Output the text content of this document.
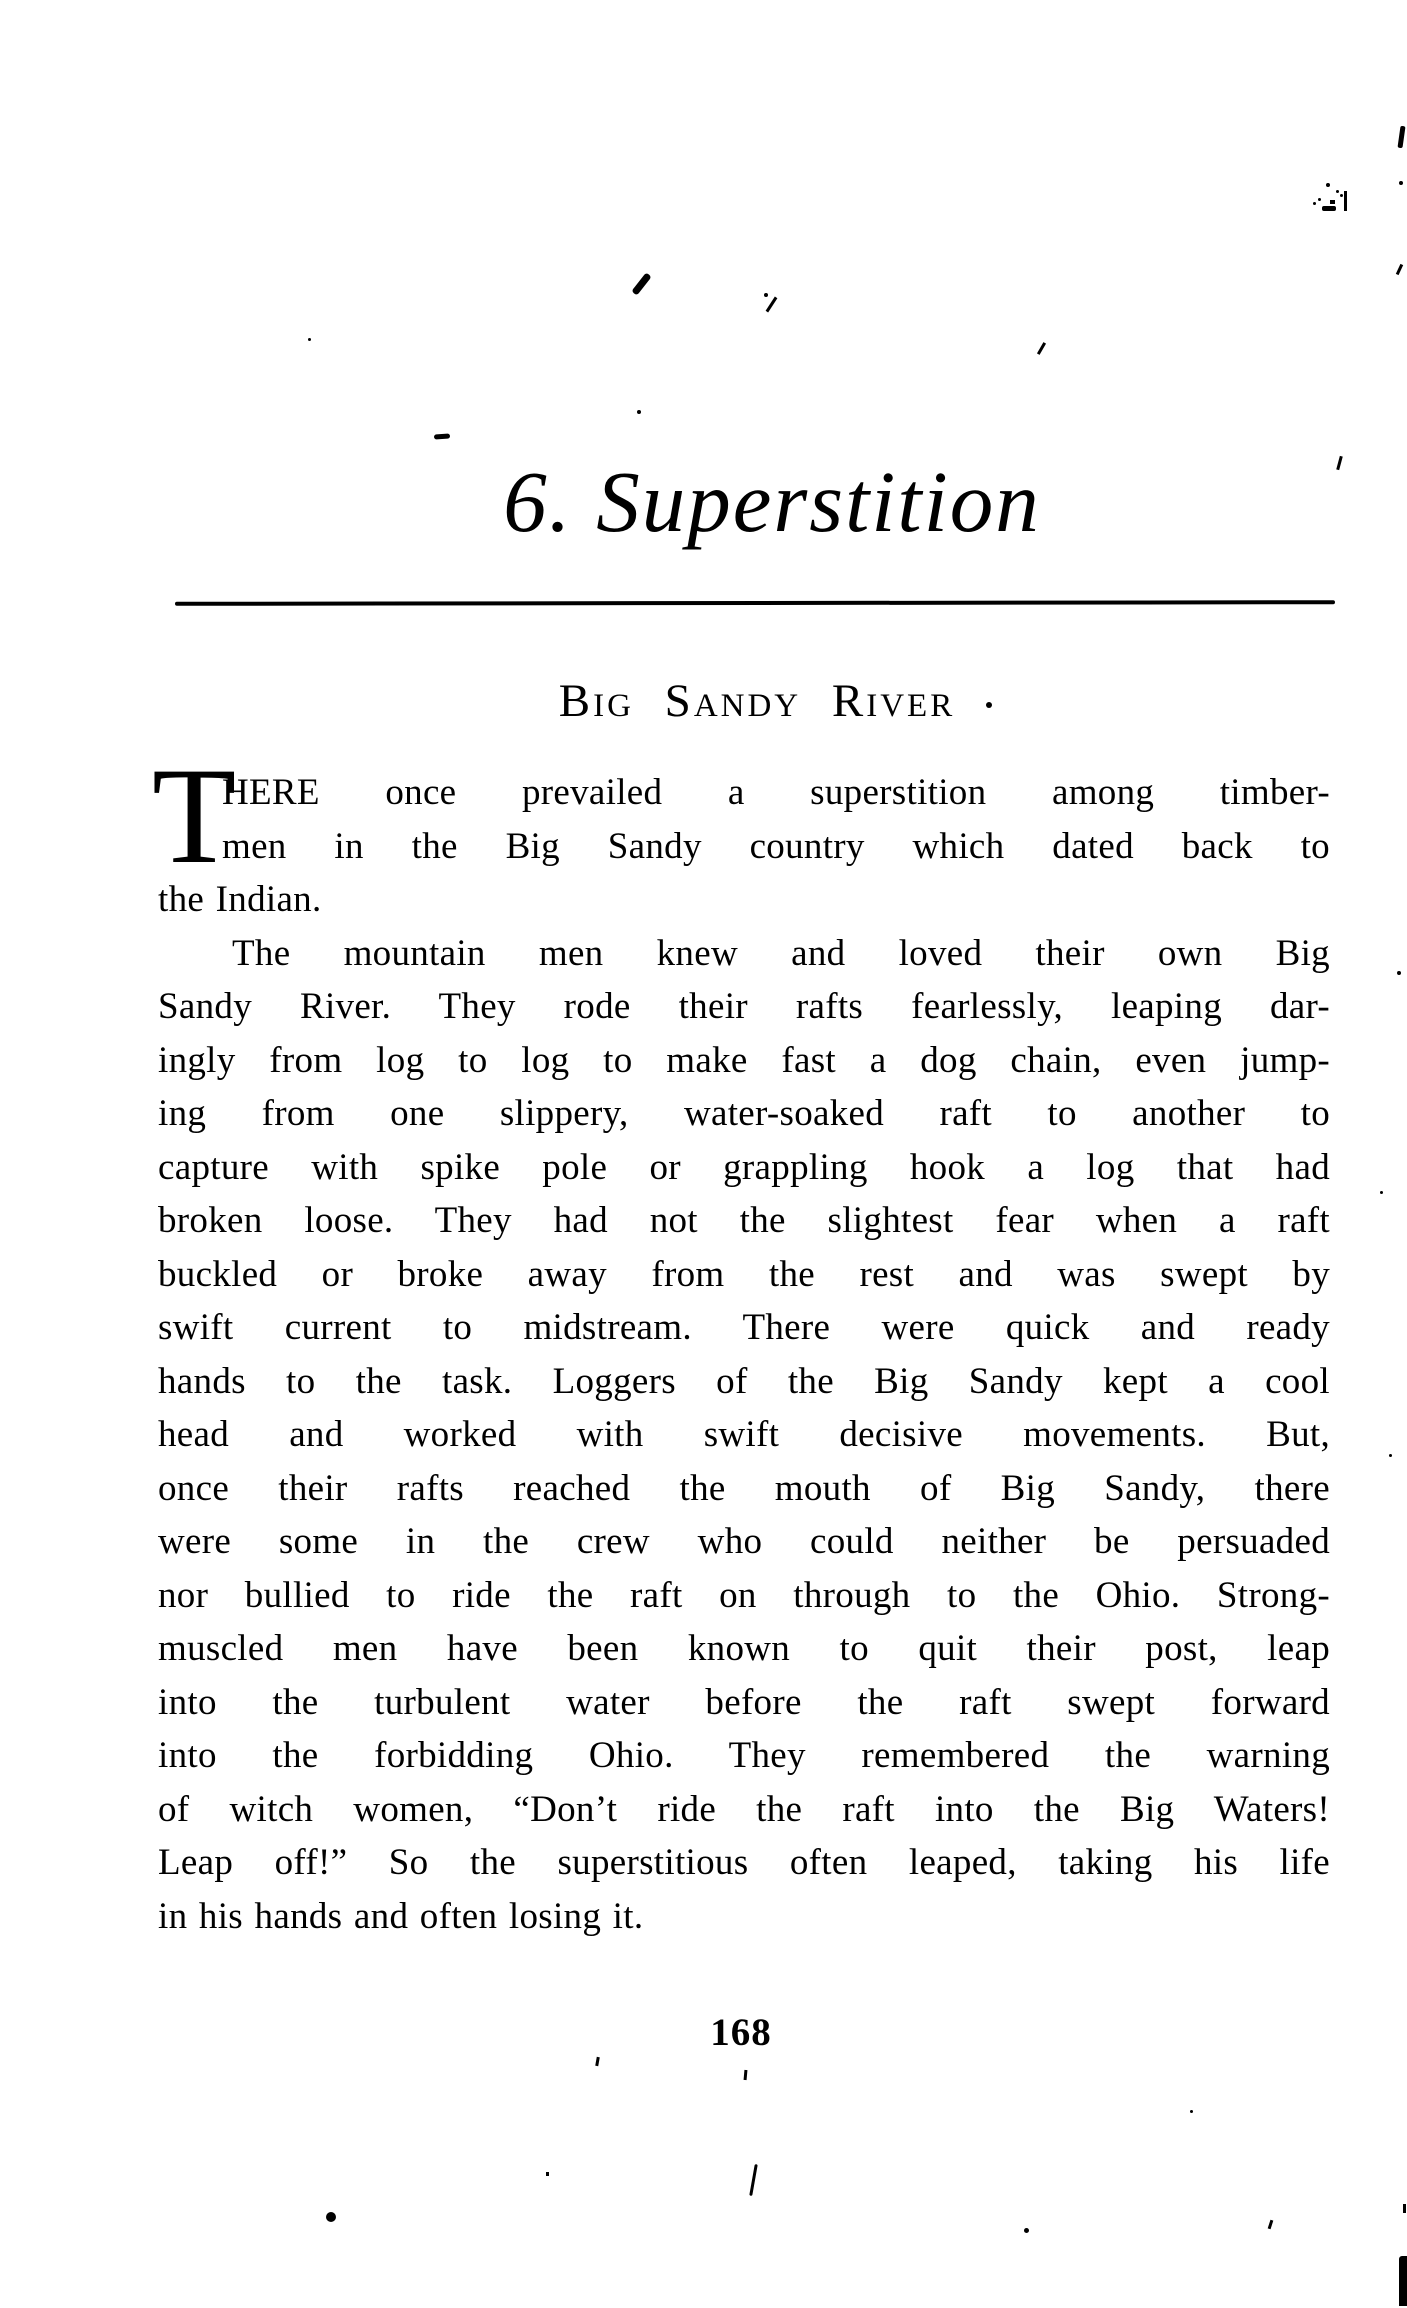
6. Superstition
Big Sandy River
T
HERE once prevailed a superstition among timber-
men in the Big Sandy country which dated back to
the Indian.
The mountain men knew and loved their own Big
Sandy River. They rode their rafts fearlessly, leaping dar-
ingly from log to log to make fast a dog chain, even jump-
ing from one slippery, water-soaked raft to another to
capture with spike pole or grappling hook a log that had
broken loose. They had not the slightest fear when a raft
buckled or broke away from the rest and was swept by
swift current to midstream. There were quick and ready
hands to the task. Loggers of the Big Sandy kept a cool
head and worked with swift decisive movements. But,
once their rafts reached the mouth of Big Sandy, there
were some in the crew who could neither be persuaded
nor bullied to ride the raft on through to the Ohio. Strong-
muscled men have been known to quit their post, leap
into the turbulent water before the raft swept forward
into the forbidding Ohio. They remembered the warning
of witch women, “Don’t ride the raft into the Big Waters!
Leap off!” So the superstitious often leaped, taking his life
in his hands and often losing it.
168
